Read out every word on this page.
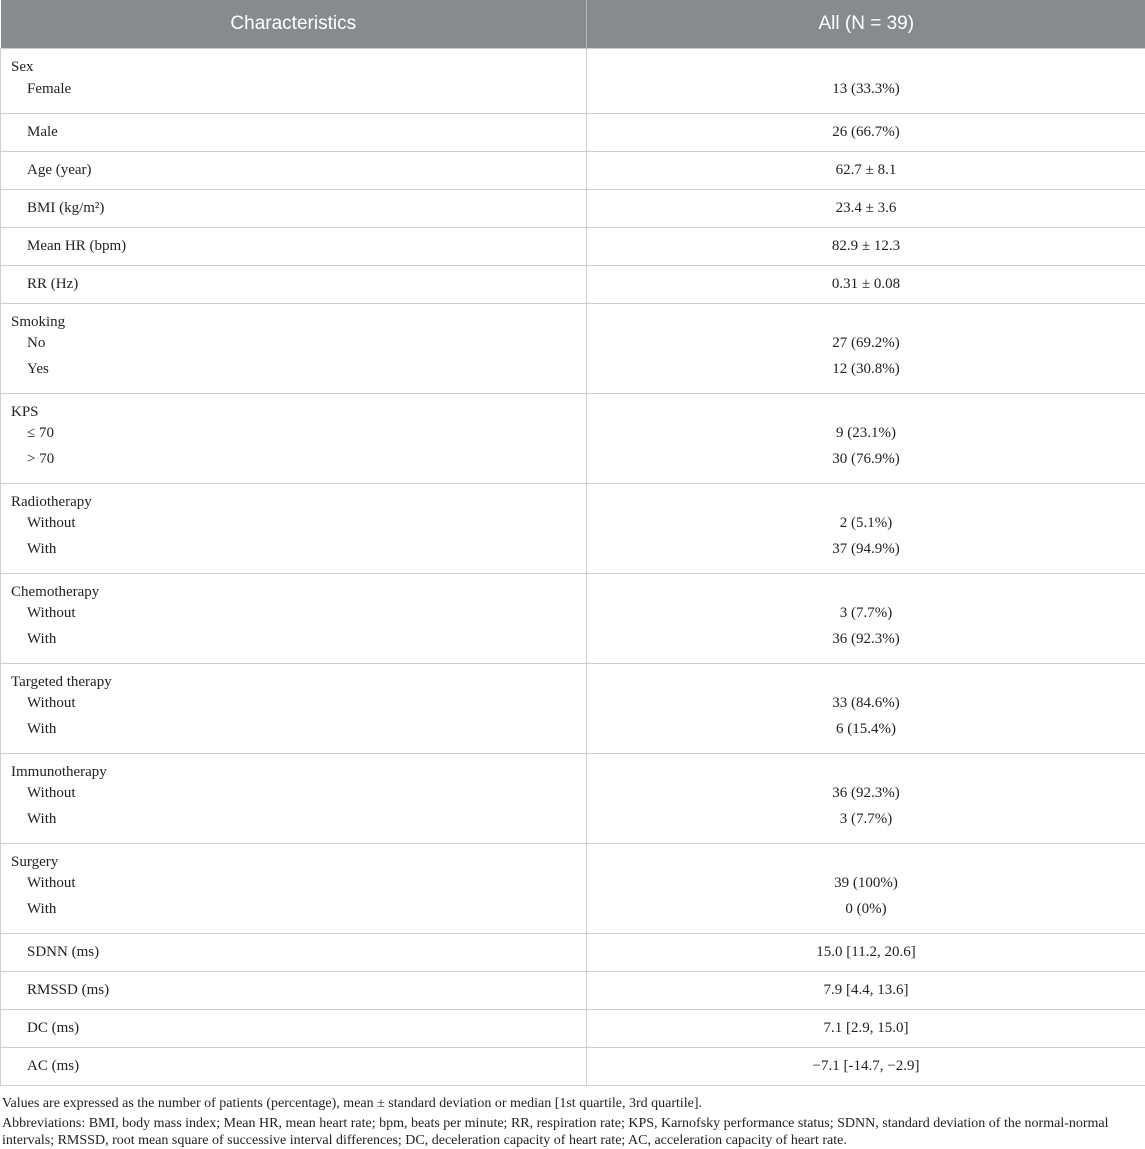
Characteristics	All (N = 39)
Sex	
Female	13 (33.3%)
Male	26 (66.7%)
Age (year)	62.7 ± 8.1
BMI (kg/m²)	23.4 ± 3.6
Mean HR (bpm)	82.9 ± 12.3
RR (Hz)	0.31 ± 0.08
Smoking	
No	27 (69.2%)
Yes	12 (30.8%)
KPS	
≤ 70	9 (23.1%)
> 70	30 (76.9%)
Radiotherapy	
Without	2 (5.1%)
With	37 (94.9%)
Chemotherapy	
Without	3 (7.7%)
With	36 (92.3%)
Targeted therapy	
Without	33 (84.6%)
With	6 (15.4%)
Immunotherapy	
Without	36 (92.3%)
With	3 (7.7%)
Surgery	
Without	39 (100%)
With	0 (0%)
SDNN (ms)	15.0 [11.2, 20.6]
RMSSD (ms)	7.9 [4.4, 13.6]
DC (ms)	7.1 [2.9, 15.0]
AC (ms)	−7.1 [-14.7, −2.9]

Values are expressed as the number of patients (percentage), mean ± standard deviation or median [1st quartile, 3rd quartile].

Abbreviations: BMI, body mass index; Mean HR, mean heart rate; bpm, beats per minute; RR, respiration rate; KPS, Karnofsky performance status; SDNN, standard deviation of the normal-normal intervals; RMSSD, root mean square of successive interval differences; DC, deceleration capacity of heart rate; AC, acceleration capacity of heart rate.
